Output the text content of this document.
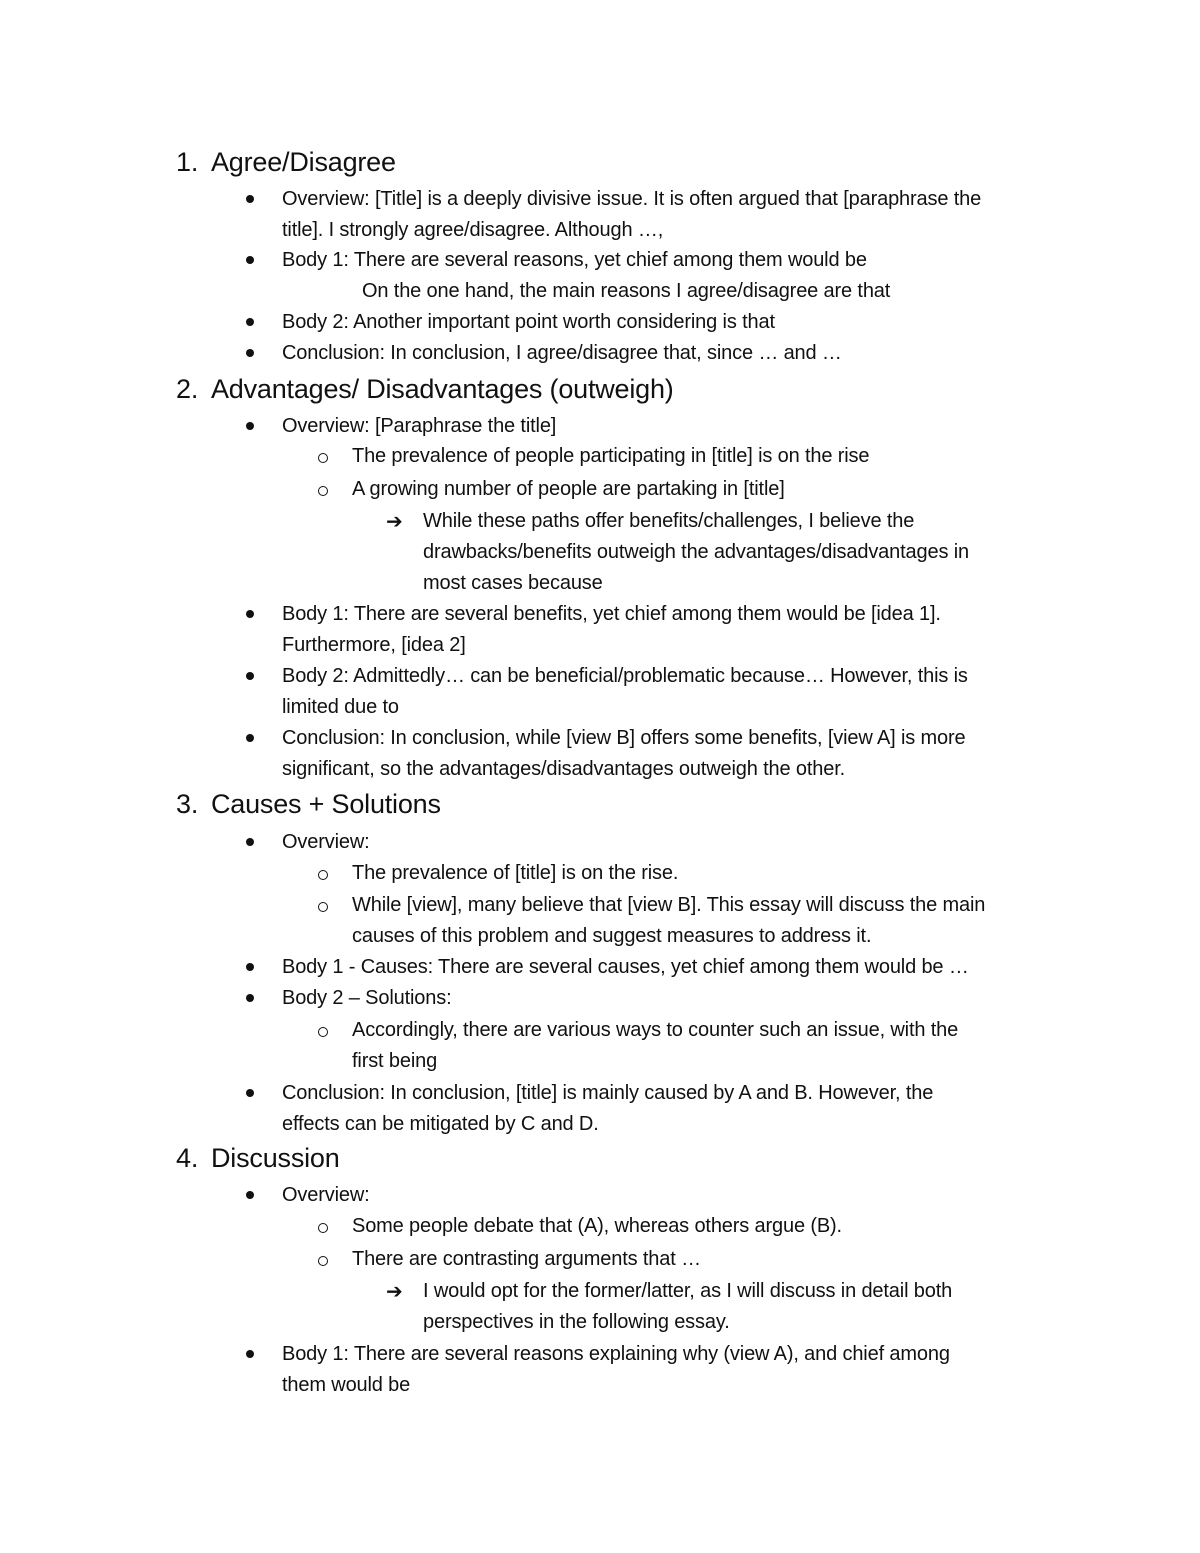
1. Agree/Disagree
Overview: [Title] is a deeply divisive issue. It is often argued that [paraphrase the
title]. I strongly agree/disagree. Although …,
Body 1: There are several reasons, yet chief among them would be
On the one hand, the main reasons I agree/disagree are that
Body 2: Another important point worth considering is that
Conclusion: In conclusion, I agree/disagree that, since … and …
2. Advantages/ Disadvantages (outweigh)
Overview: [Paraphrase the title]
The prevalence of people participating in [title] is on the rise
A growing number of people are partaking in [title]
➔ While these paths offer benefits/challenges, I believe the
drawbacks/benefits outweigh the advantages/disadvantages in
most cases because
Body 1: There are several benefits, yet chief among them would be [idea 1].
Furthermore, [idea 2]
Body 2: Admittedly… can be beneficial/problematic because… However, this is
limited due to
Conclusion: In conclusion, while [view B] offers some benefits, [view A] is more
significant, so the advantages/disadvantages outweigh the other.
3. Causes + Solutions
Overview:
The prevalence of [title] is on the rise.
While [view], many believe that [view B]. This essay will discuss the main
causes of this problem and suggest measures to address it.
Body 1 - Causes: There are several causes, yet chief among them would be …
Body 2 – Solutions:
Accordingly, there are various ways to counter such an issue, with the
first being
Conclusion: In conclusion, [title] is mainly caused by A and B. However, the
effects can be mitigated by C and D.
4. Discussion
Overview:
Some people debate that (A), whereas others argue (B).
There are contrasting arguments that …
➔ I would opt for the former/latter, as I will discuss in detail both
perspectives in the following essay.
Body 1: There are several reasons explaining why (view A), and chief among
them would be
